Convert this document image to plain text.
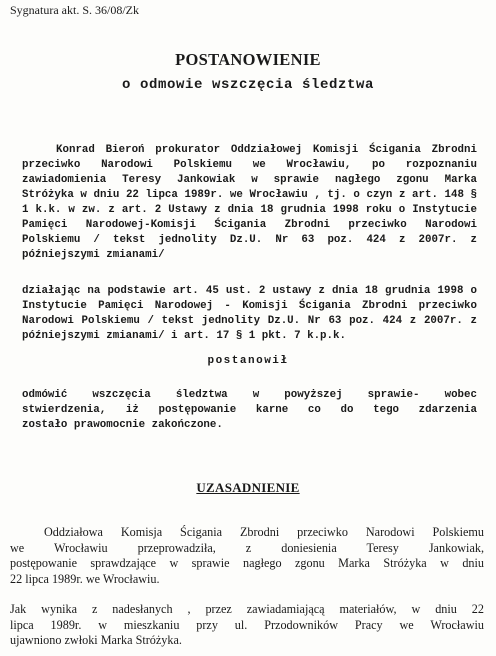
Sygnatura akt. S. 36/08/Zk
POSTANOWIENIE
o odmowie wszczęcia śledztwa
Konrad Bieroń prokurator Oddziałowej Komisji Ścigania Zbrodni
przeciwko Narodowi Polskiemu we Wrocławiu, po rozpoznaniu
zawiadomienia Teresy Jankowiak w sprawie nagłego zgonu Marka
Stróżyka w dniu 22 lipca 1989r. we Wrocławiu , tj. o czyn z art. 148 §
1 k.k. w zw. z art. 2 Ustawy z dnia 18 grudnia 1998 roku o Instytucie
Pamięci Narodowej-Komisji Ścigania Zbrodni przeciwko Narodowi
Polskiemu / tekst jednolity Dz.U. Nr 63 poz. 424 z 2007r. z
późniejszymi zmianami/
działając na podstawie art. 45 ust. 2 ustawy z dnia 18 grudnia 1998 o
Instytucie Pamięci Narodowej - Komisji Ścigania Zbrodni przeciwko
Narodowi Polskiemu / tekst jednolity Dz.U. Nr 63 poz. 424 z 2007r. z
późniejszymi zmianami/ i art. 17 § 1 pkt. 7 k.p.k.
postanowił
odmówić wszczęcia śledztwa w powyższej sprawie- wobec
stwierdzenia, iż postępowanie karne co do tego zdarzenia
zostało prawomocnie zakończone.
UZASADNIENIE
Oddziałowa Komisja Ścigania Zbrodni przeciwko Narodowi Polskiemu
we Wrocławiu przeprowadziła, z doniesienia Teresy Jankowiak,
postępowanie sprawdzające w sprawie nagłego zgonu Marka Stróżyka w dniu
22 lipca 1989r. we Wrocławiu.
Jak wynika z nadesłanych , przez zawiadamiającą materiałów, w dniu 22
lipca 1989r. w mieszkaniu przy ul. Przodowników Pracy we Wrocławiu
ujawniono zwłoki Marka Stróżyka.
